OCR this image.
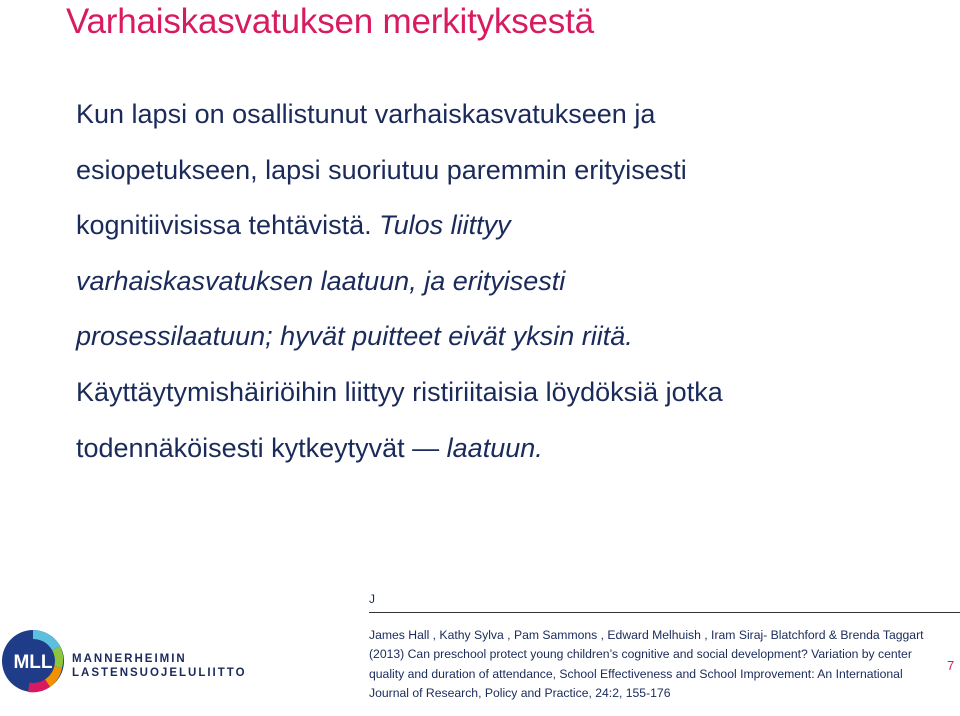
Varhaiskasvatuksen merkityksestä
Kun lapsi on osallistunut varhaiskasvatukseen ja
esiopetukseen, lapsi suoriutuu paremmin erityisesti
kognitiivisissa tehtävistä. Tulos liittyy
varhaiskasvatuksen laatuun, ja erityisesti
prosessilaatuun; hyvät puitteet eivät yksin riitä.
Käyttäytymishäiriöihin liittyy ristiriitaisia löydöksiä jotka
todennäköisesti kytkeytyvät — laatuun.
J

James Hall , Kathy Sylva , Pam Sammons , Edward Melhuish , Iram Siraj- Blatchford & Brenda Taggart (2013) Can preschool protect young children’s cognitive and social development? Variation by center quality and duration of attendance, School Effectiveness and School Improvement: An International Journal of Research, Policy and Practice, 24:2, 155-176

7
MLL MANNERHEIMIN
LASTENSUOJELULIITTO
